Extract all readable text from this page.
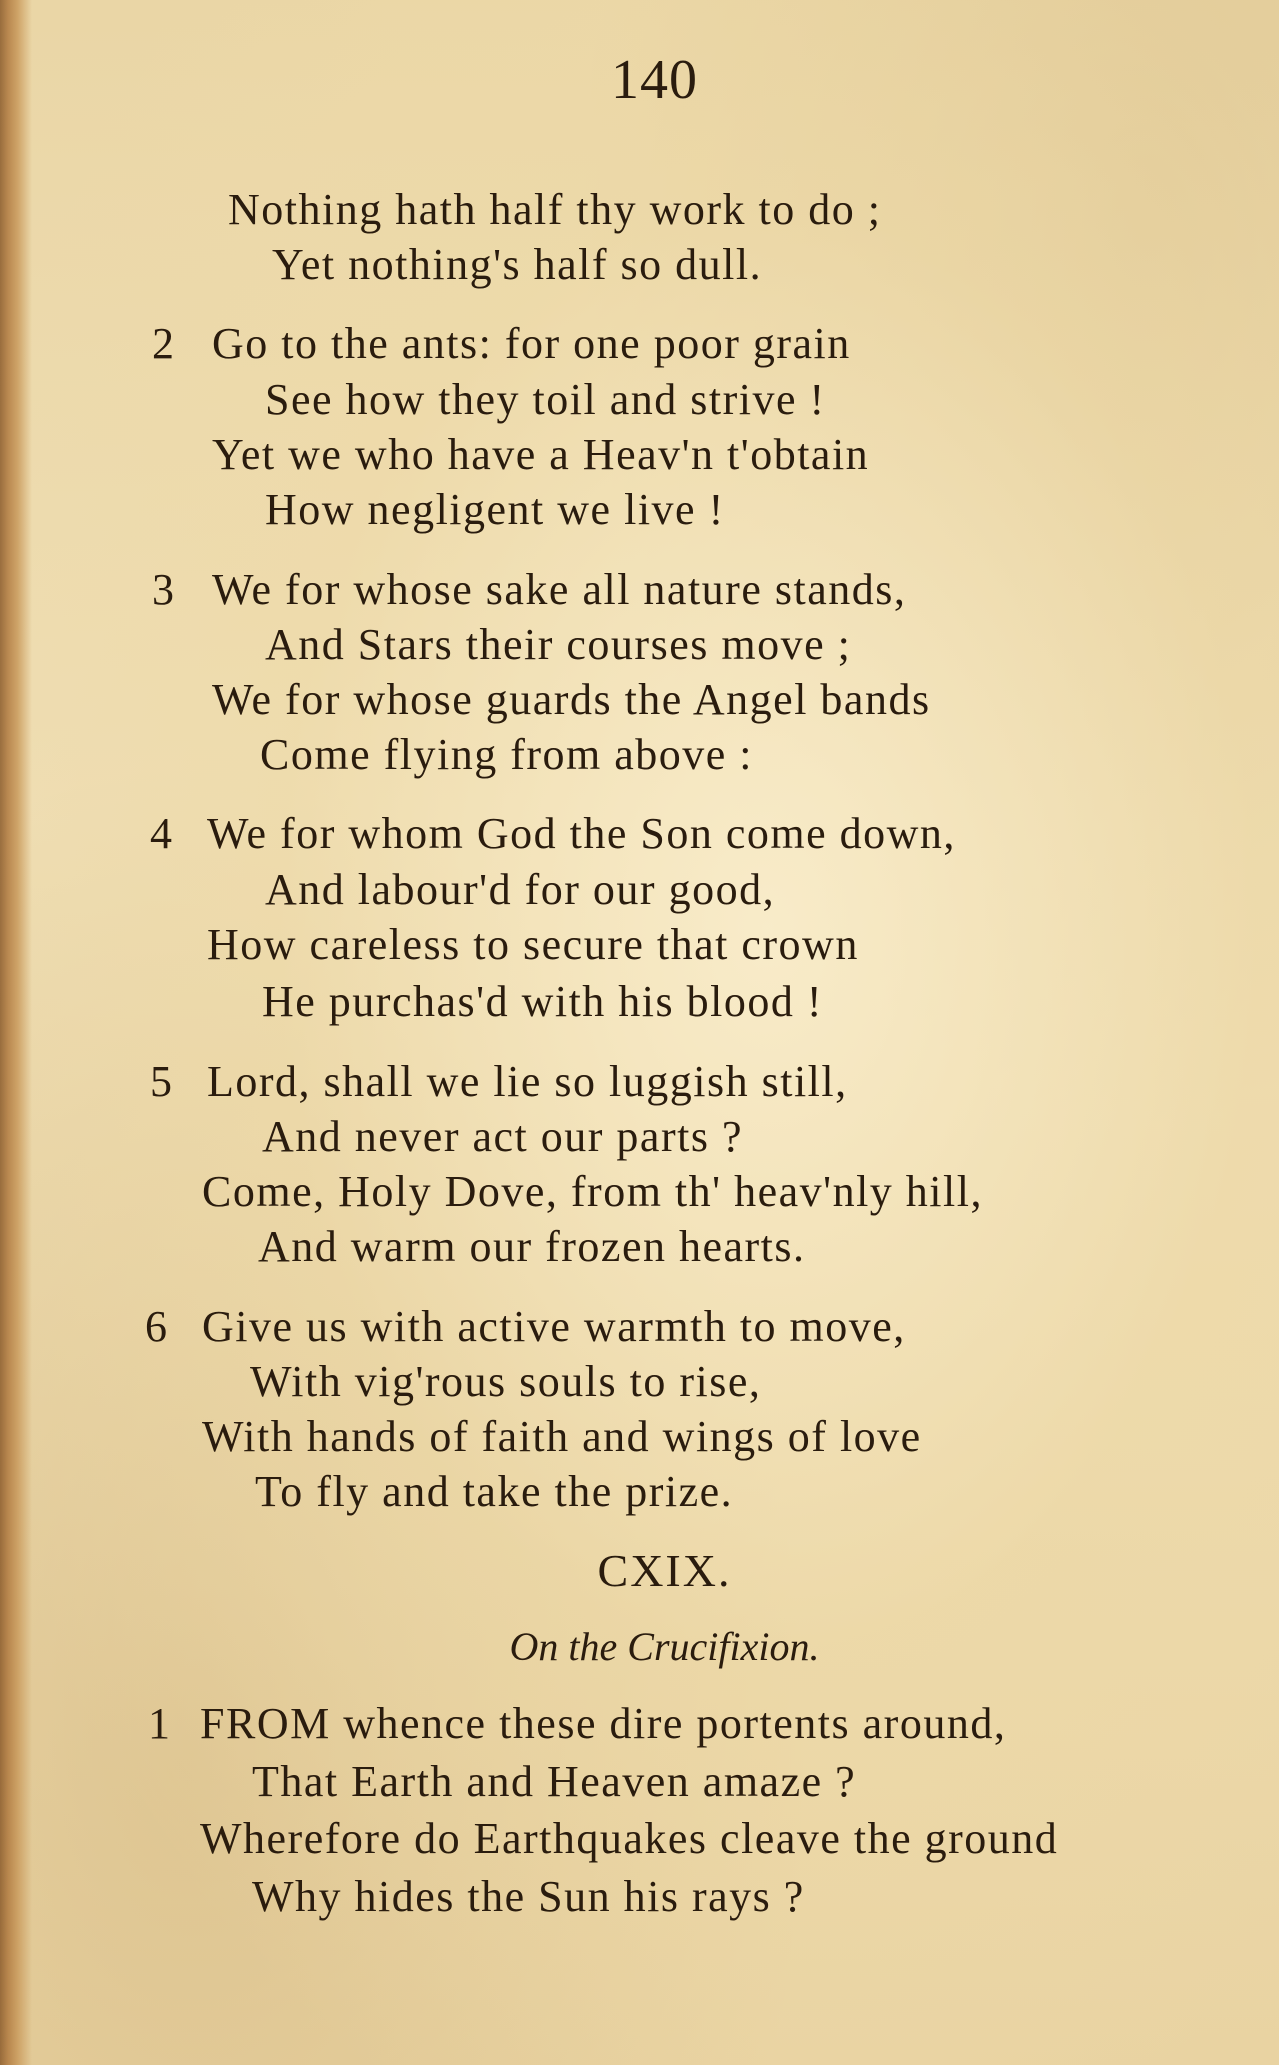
140
Nothing hath half thy work to do ;
Yet nothing's half so dull.
2 Go to the ants: for one poor grain
See how they toil and strive !
Yet we who have a Heav'n t'obtain
How negligent we live !
3 We for whose sake all nature stands,
And Stars their courses move ;
We for whose guards the Angel bands
Come flying from above :
4 We for whom God the Son come down,
And labour'd for our good,
How careless to secure that crown
He purchas'd with his blood !
5 Lord, shall we lie so luggish still,
And never act our parts ?
Come, Holy Dove, from th' heav'nly hill,
And warm our frozen hearts.
6 Give us with active warmth to move,
With vig'rous souls to rise,
With hands of faith and wings of love
To fly and take the prize.
CXIX.
On the Crucifixion.
1 FROM whence these dire portents around,
That Earth and Heaven amaze ?
Wherefore do Earthquakes cleave the ground
Why hides the Sun his rays ?
